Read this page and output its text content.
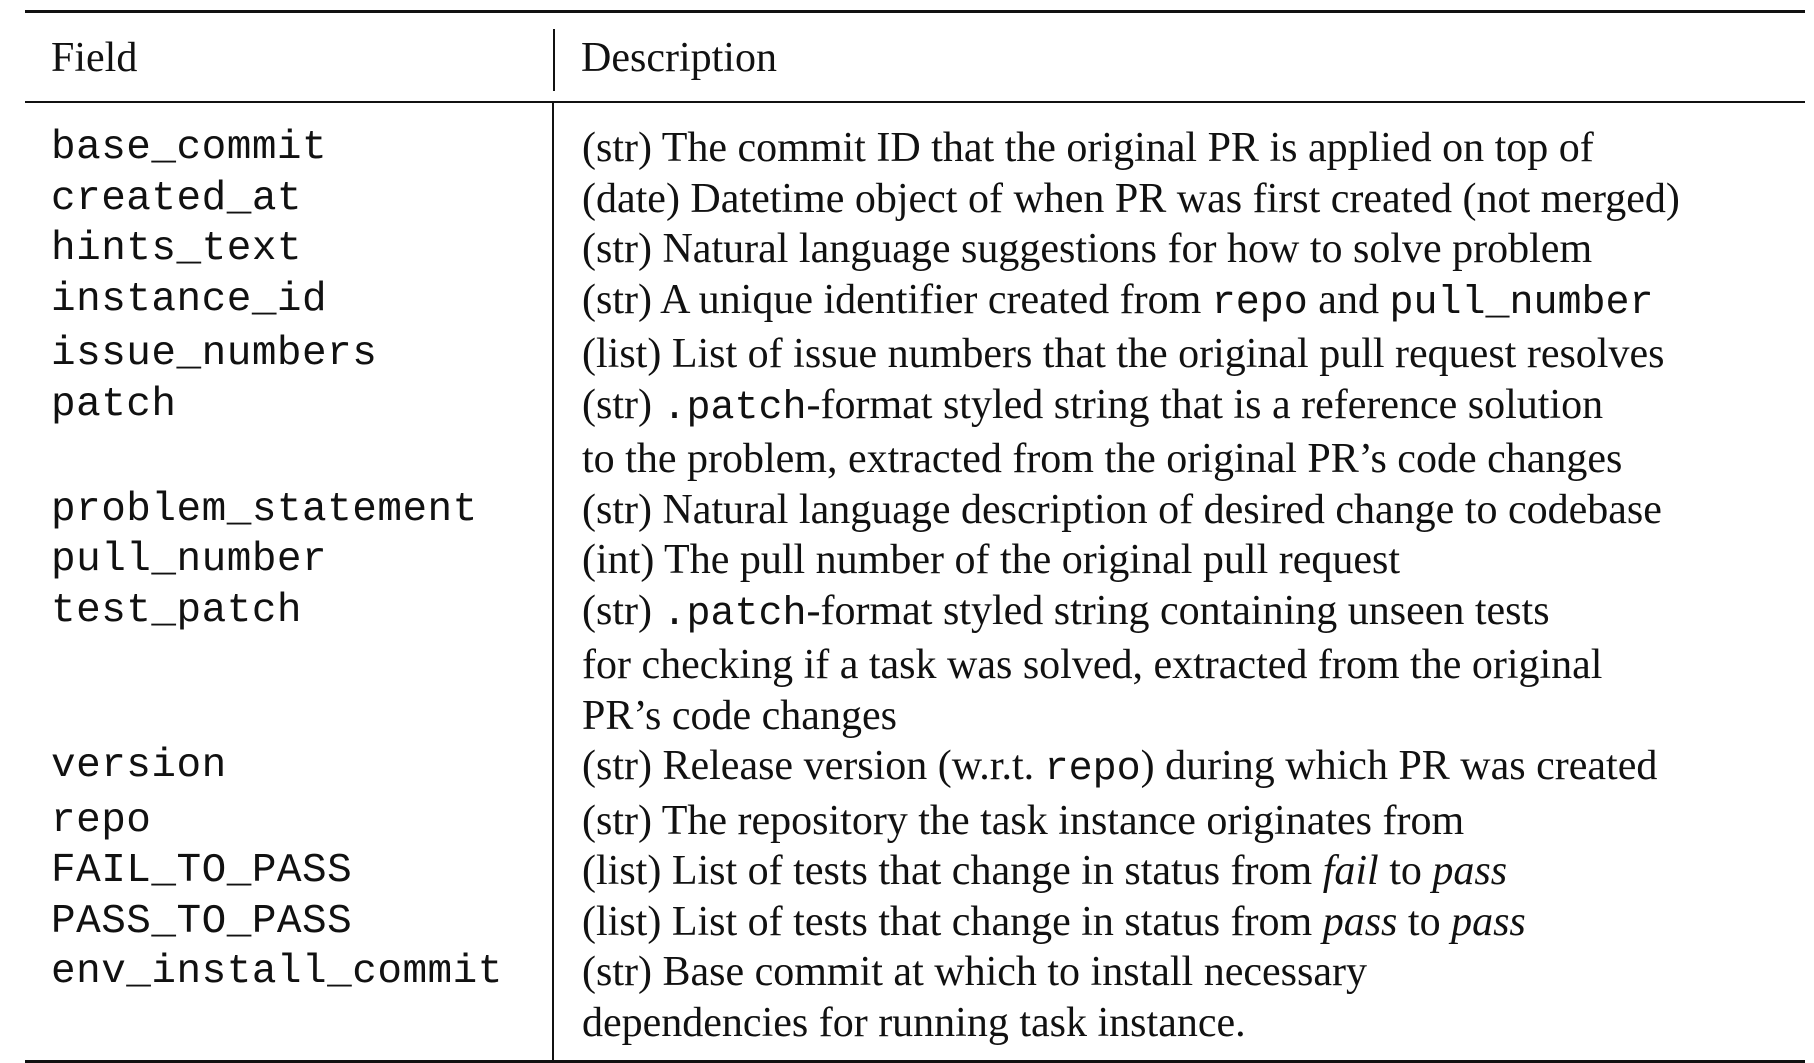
Field	Description

base_commit	(str) The commit ID that the original PR is applied on top of

created_at	(date) Datetime object of when PR was first created (not merged)

hints_text	(str) Natural language suggestions for how to solve problem

instance_id	(str) A unique identifier created from repo and pull_number

issue_numbers	(list) List of issue numbers that the original pull request resolves

patch	(str) .patch-format styled string that is a reference solution
to the problem, extracted from the original PR’s code changes

problem_statement	(str) Natural language description of desired change to codebase

pull_number	(int) The pull number of the original pull request

test_patch	(str) .patch-format styled string containing unseen tests
for checking if a task was solved, extracted from the original
PR’s code changes

version	(str) Release version (w.r.t. repo) during which PR was created

repo	(str) The repository the task instance originates from

FAIL_TO_PASS	(list) List of tests that change in status from fail to pass

PASS_TO_PASS	(list) List of tests that change in status from pass to pass

env_install_commit	(str) Base commit at which to install necessary
dependencies for running task instance.
